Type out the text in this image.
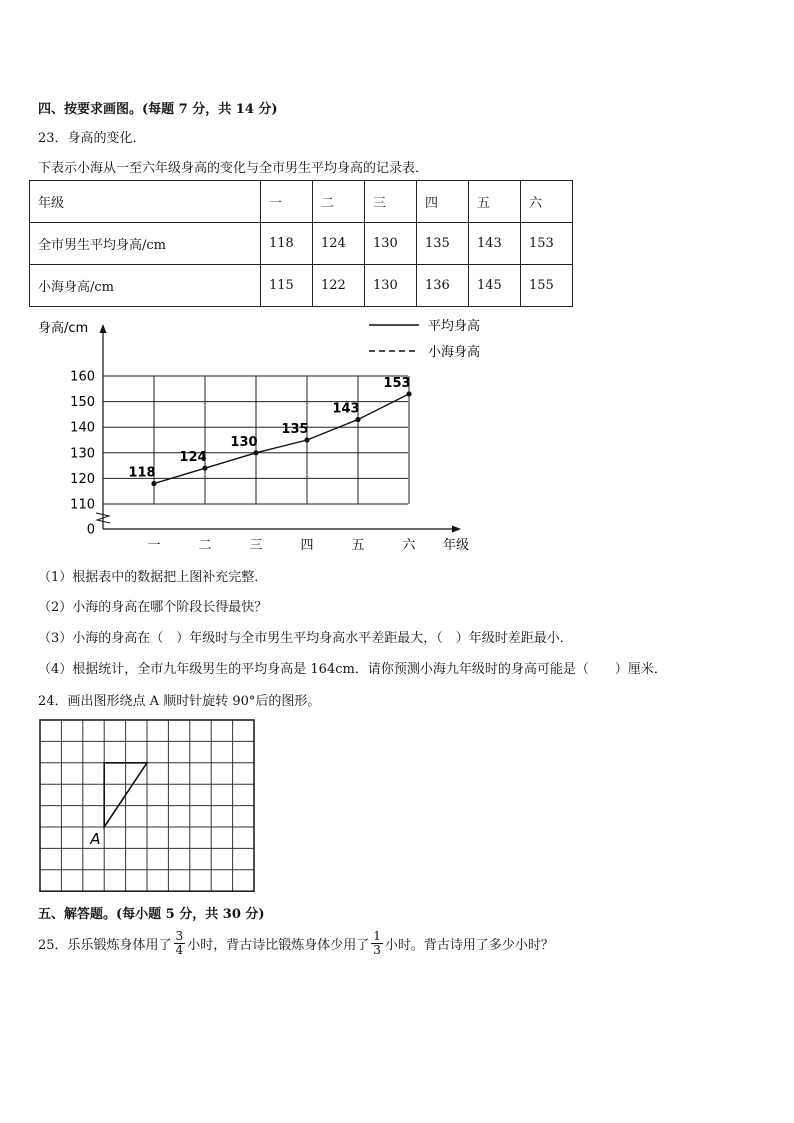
四、按要求画图。(每题 7 分，共 14 分)
23．身高的变化．
下表示小海从一至六年级身高的变化与全市男生平均身高的记录表．
年级	一	二	三	四	五	六
全市男生平均身高/cm	118	124	130	135	143	153
小海身高/cm	115	122	130	136	145	155
0
110
120
130
140
150
160
一	二	三	四	五	六 年级
身高/cm	平均身高
小海身高
118
124
130
135
143
153
（1）根据表中的数据把上图补充完整．
（2）小海的身高在哪个阶段长得最快？
（3）小海的身高在（　）年级时与全市男生平均身高水平差距最大，（　）年级时差距最小．
（4）根据统计，全市九年级男生的平均身高是 164cm．请你预测小海九年级时的身高可能是（　　）厘米．
24．画出图形绕点 A 顺时针旋转 90°后的图形。
A
五、解答题。(每小题 5 分，共 30 分)
25．乐乐锻炼身体用了 $\frac{3}{4}$ 小时，背古诗比锻炼身体少用了 $\frac{1}{3}$ 小时。背古诗用了多少小时？
